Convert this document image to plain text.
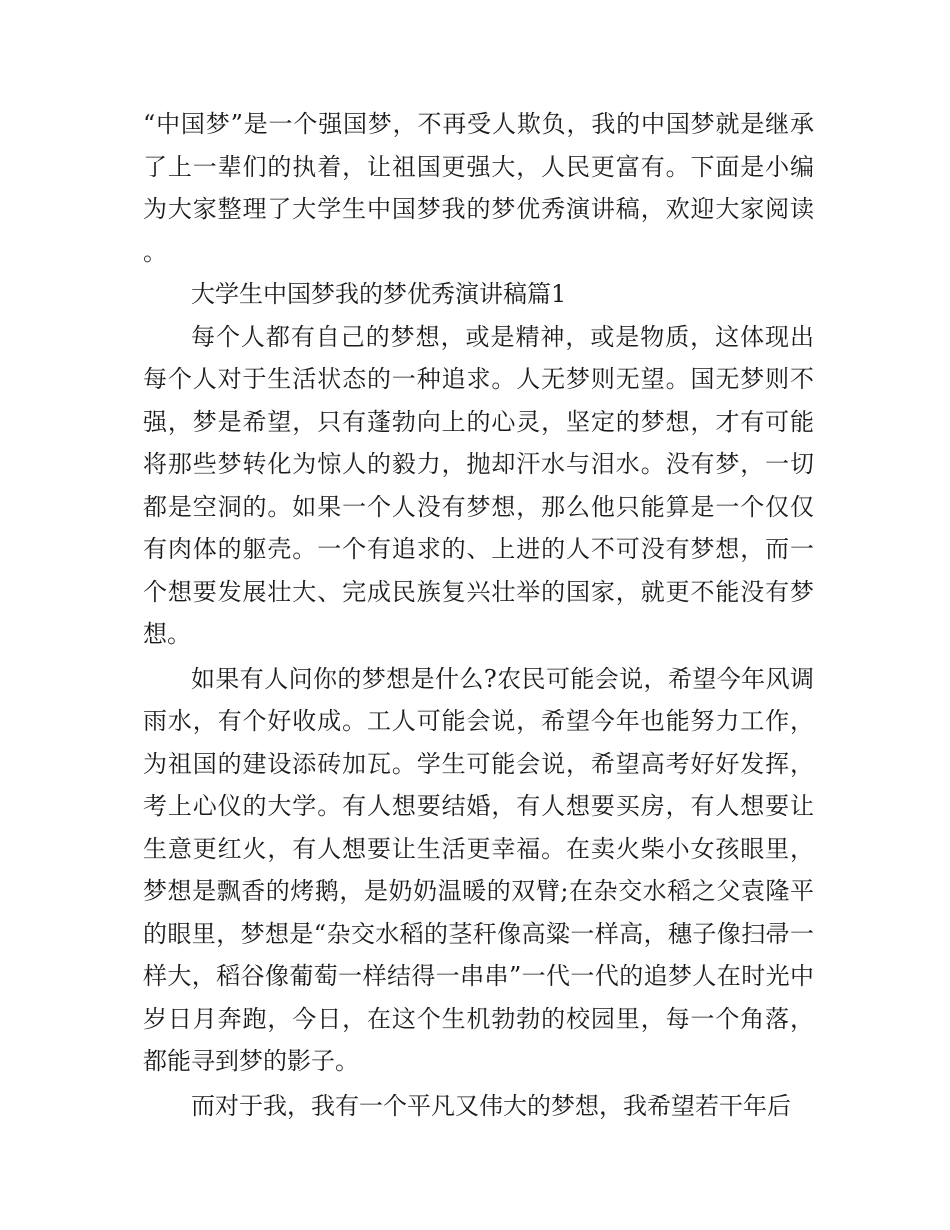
“中国梦”是一个强国梦，不再受人欺负，我的中国梦就是继承了上一辈们的执着，让祖国更强大，人民更富有。下面是小编为大家整理了大学生中国梦我的梦优秀演讲稿，欢迎大家阅读。

大学生中国梦我的梦优秀演讲稿篇1

每个人都有自己的梦想，或是精神，或是物质，这体现出每个人对于生活状态的一种追求。人无梦则无望。国无梦则不强，梦是希望，只有蓬勃向上的心灵，坚定的梦想，才有可能将那些梦转化为惊人的毅力，抛却汗水与泪水。没有梦，一切都是空洞的。如果一个人没有梦想，那么他只能算是一个仅仅有肉体的躯壳。一个有追求的、上进的人不可没有梦想，而一个想要发展壮大、完成民族复兴壮举的国家，就更不能没有梦想。

如果有人问你的梦想是什么?农民可能会说，希望今年风调雨水，有个好收成。工人可能会说，希望今年也能努力工作，为祖国的建设添砖加瓦。学生可能会说，希望高考好好发挥，考上心仪的大学。有人想要结婚，有人想要买房，有人想要让生意更红火，有人想要让生活更幸福。在卖火柴小女孩眼里，梦想是飘香的烤鹅，是奶奶温暖的双臂;在杂交水稻之父袁隆平的眼里，梦想是“杂交水稻的茎秆像高粱一样高，穗子像扫帚一样大，稻谷像葡萄一样结得一串串”一代一代的追梦人在时光中岁日月奔跑，今日，在这个生机勃勃的校园里，每一个角落，都能寻到梦的影子。

而对于我，我有一个平凡又伟大的梦想，我希望若干年后
